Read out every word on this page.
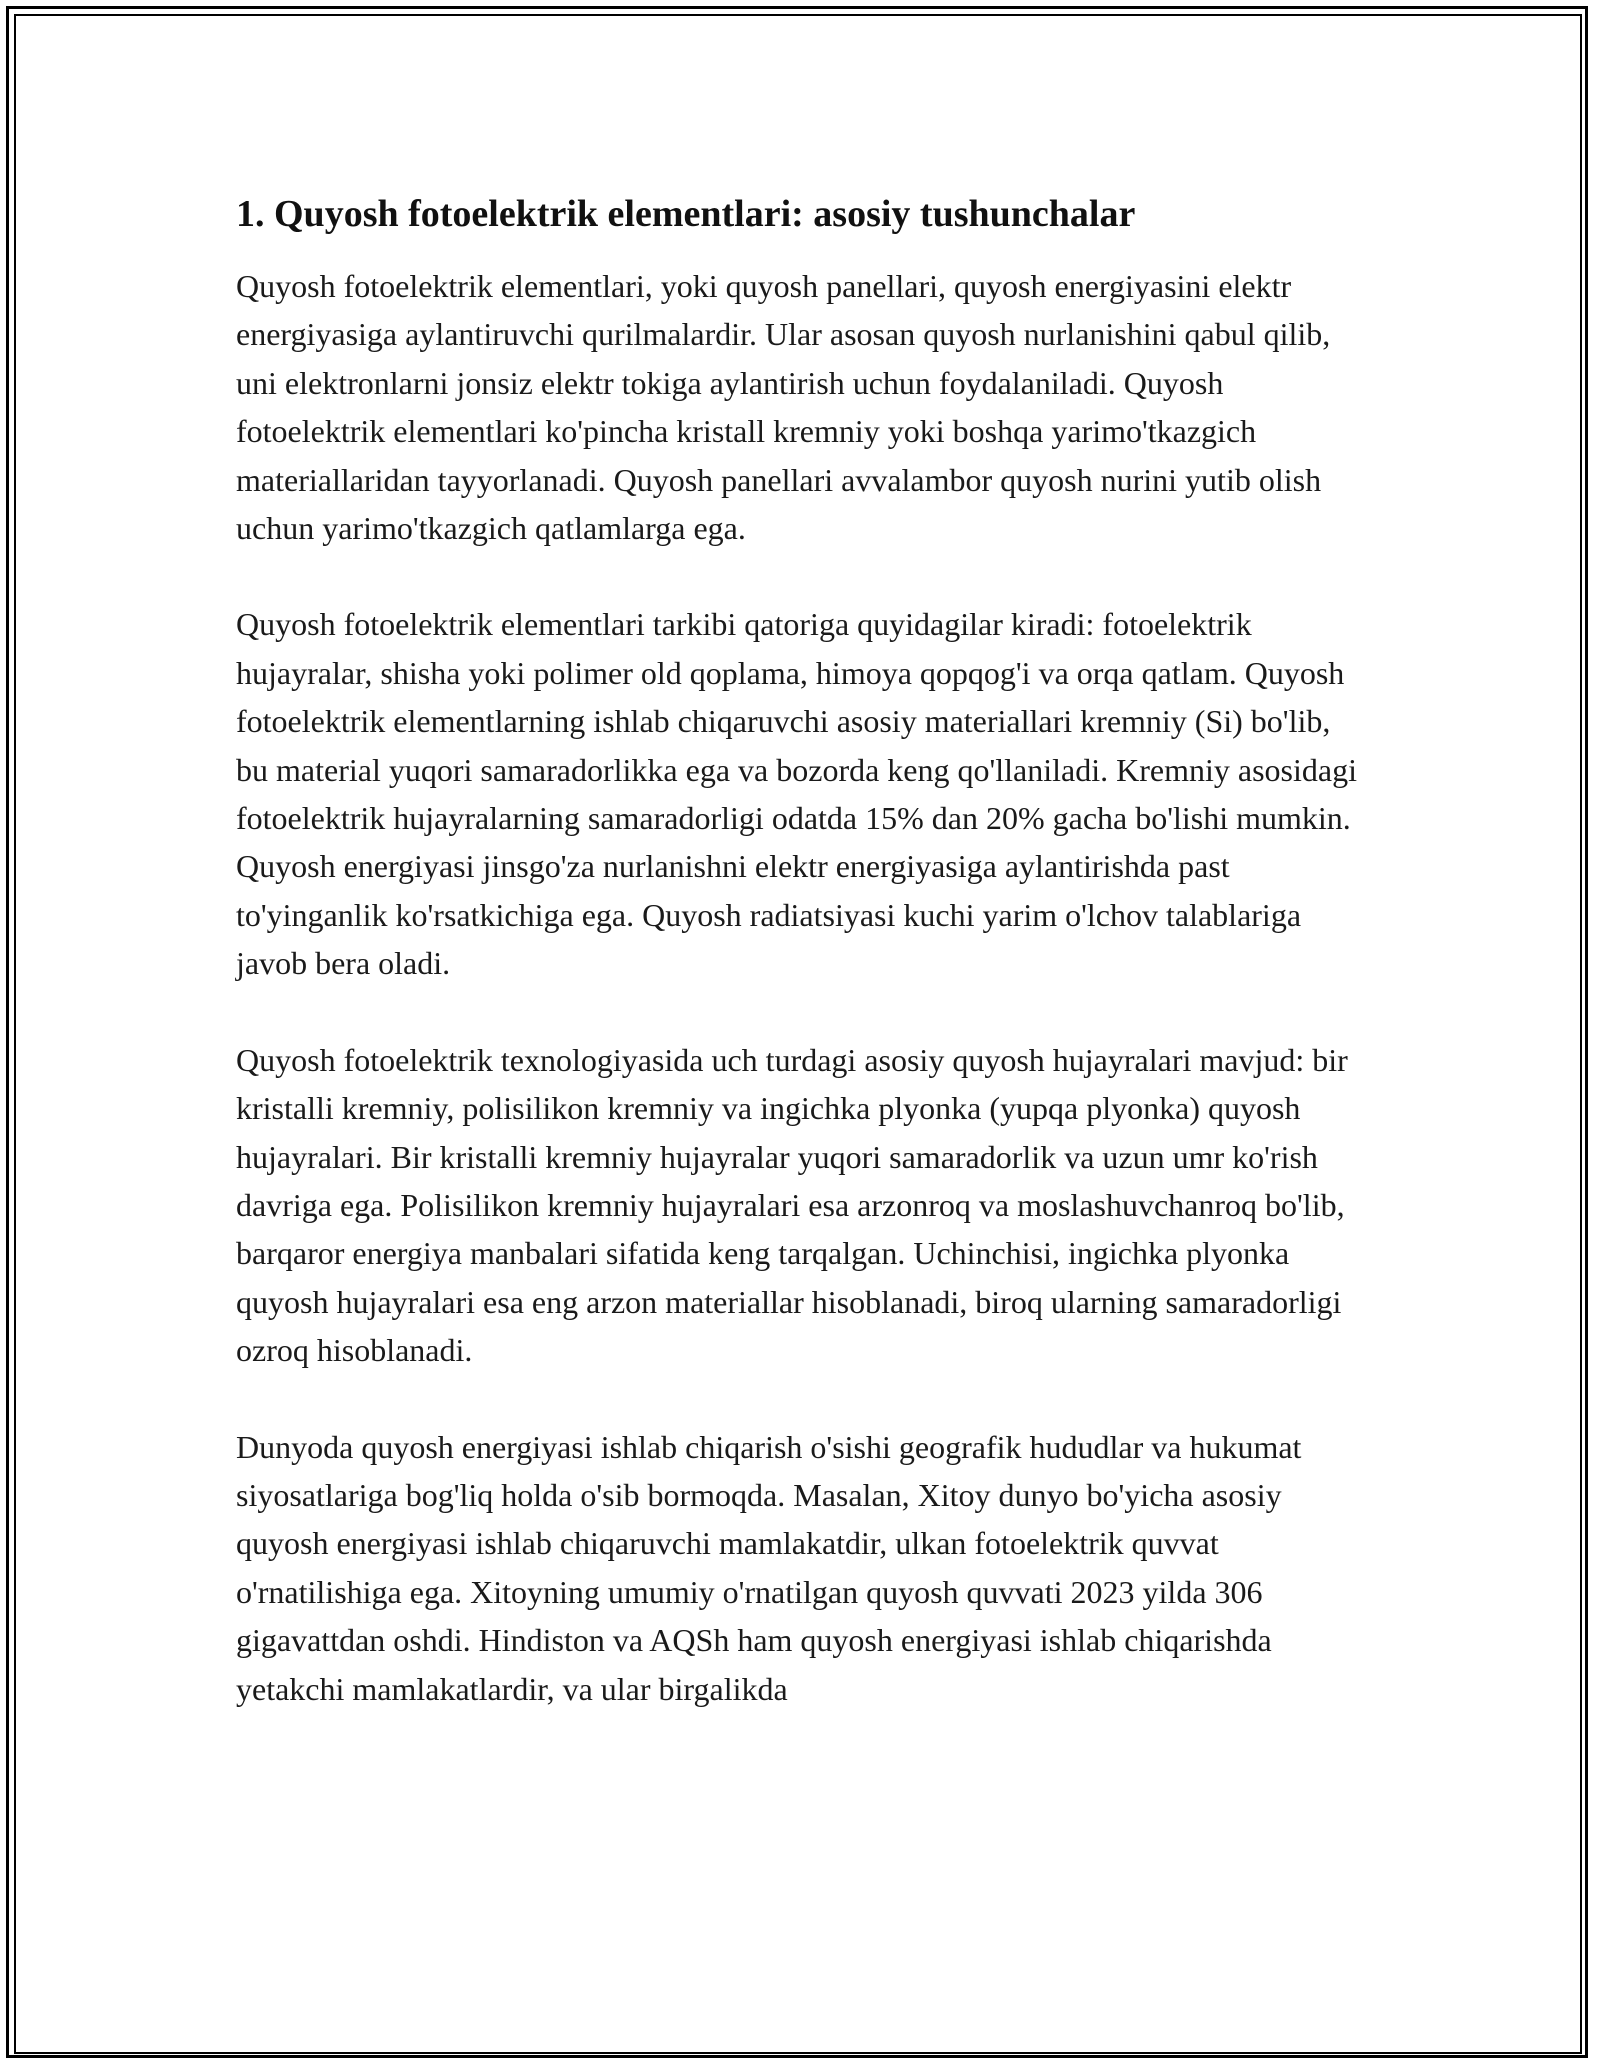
1. Quyosh fotoelektrik elementlari: asosiy tushunchalar

Quyosh fotoelektrik elementlari, yoki quyosh panellari, quyosh energiyasini elektr energiyasiga aylantiruvchi qurilmalardir. Ular asosan quyosh nurlanishini qabul qilib, uni elektronlarni jonsiz elektr tokiga aylantirish uchun foydalaniladi. Quyosh fotoelektrik elementlari ko'pincha kristall kremniy yoki boshqa yarimo'tkazgich materiallaridan tayyorlanadi. Quyosh panellari avvalambor quyosh nurini yutib olish uchun yarimo'tkazgich qatlamlarga ega.

Quyosh fotoelektrik elementlari tarkibi qatoriga quyidagilar kiradi: fotoelektrik hujayralar, shisha yoki polimer old qoplama, himoya qopqog'i va orqa qatlam. Quyosh fotoelektrik elementlarning ishlab chiqaruvchi asosiy materiallari kremniy (Si) bo'lib, bu material yuqori samaradorlikka ega va bozorda keng qo'llaniladi. Kremniy asosidagi fotoelektrik hujayralarning samaradorligi odatda 15% dan 20% gacha bo'lishi mumkin. Quyosh energiyasi jinsgo'za nurlanishni elektr energiyasiga aylantirishda past to'yinganlik ko'rsatkichiga ega. Quyosh radiatsiyasi kuchi yarim o'lchov talablariga javob bera oladi.

Quyosh fotoelektrik texnologiyasida uch turdagi asosiy quyosh hujayralari mavjud: bir kristalli kremniy, polisilikon kremniy va ingichka plyonka (yupqa plyonka) quyosh hujayralari. Bir kristalli kremniy hujayralar yuqori samaradorlik va uzun umr ko'rish davriga ega. Polisilikon kremniy hujayralari esa arzonroq va moslashuvchanroq bo'lib, barqaror energiya manbalari sifatida keng tarqalgan. Uchinchisi, ingichka plyonka quyosh hujayralari esa eng arzon materiallar hisoblanadi, biroq ularning samaradorligi ozroq hisoblanadi.

Dunyoda quyosh energiyasi ishlab chiqarish o'sishi geografik hududlar va hukumat siyosatlariga bog'liq holda o'sib bormoqda. Masalan, Xitoy dunyo bo'yicha asosiy quyosh energiyasi ishlab chiqaruvchi mamlakatdir, ulkan fotoelektrik quvvat o'rnatilishiga ega. Xitoyning umumiy o'rnatilgan quyosh quvvati 2023 yilda 306 gigavattdan oshdi. Hindiston va AQSh ham quyosh energiyasi ishlab chiqarishda yetakchi mamlakatlardir, va ular birgalikda
